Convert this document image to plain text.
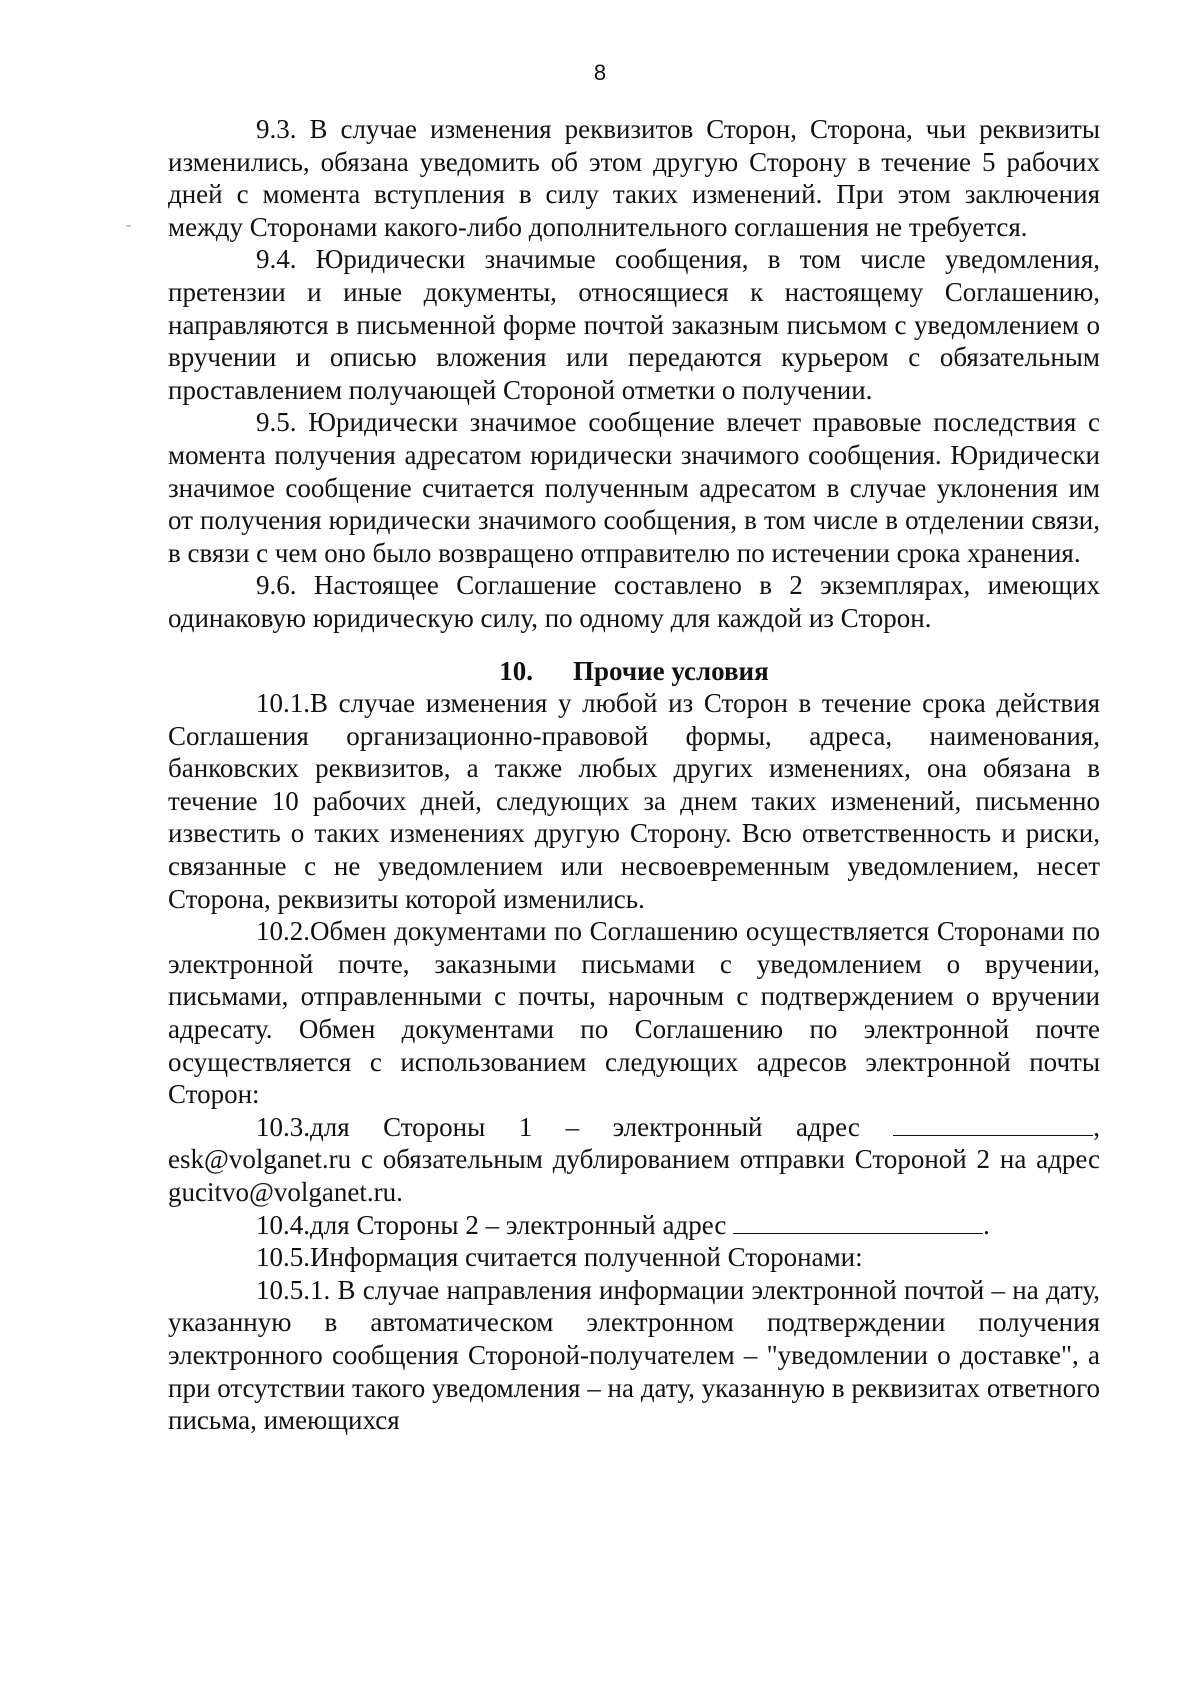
8

9.3. В случае изменения реквизитов Сторон, Сторона, чьи реквизиты изменились, обязана уведомить об этом другую Сторону в течение 5 рабочих дней с момента вступления в силу таких изменений. При этом заключения между Сторонами какого-либо дополнительного соглашения не требуется.

9.4. Юридически значимые сообщения, в том числе уведомления, претензии и иные документы, относящиеся к настоящему Соглашению, направляются в письменной форме почтой заказным письмом с уведомлением о вручении и описью вложения или передаются курьером с обязательным проставлением получающей Стороной отметки о получении.

9.5. Юридически значимое сообщение влечет правовые последствия с момента получения адресатом юридически значимого сообщения. Юридически значимое сообщение считается полученным адресатом в случае уклонения им от получения юридически значимого сообщения, в том числе в отделении связи, в связи с чем оно было возвращено отправителю по истечении срока хранения.

9.6. Настоящее Соглашение составлено в 2 экземплярах, имеющих одинаковую юридическую силу, по одному для каждой из Сторон.

10. Прочие условия

10.1.В случае изменения у любой из Сторон в течение срока действия Соглашения организационно-правовой формы, адреса, наименования, банковских реквизитов, а также любых других изменениях, она обязана в течение 10 рабочих дней, следующих за днем таких изменений, письменно известить о таких изменениях другую Сторону. Всю ответственность и риски, связанные с не уведомлением или несвоевременным уведомлением, несет Сторона, реквизиты которой изменились.

10.2.Обмен документами по Соглашению осуществляется Сторонами по электронной почте, заказными письмами с уведомлением о вручении, письмами, отправленными с почты, нарочным с подтверждением о вручении адресату. Обмен документами по Соглашению по электронной почте осуществляется с использованием следующих адресов электронной почты Сторон:

10.3.для Стороны 1 – электронный адрес	, esk@volganet.ru с обязательным дублированием отправки Стороной 2 на адрес gucitvo@volganet.ru.

10.4.для Стороны 2 – электронный адрес	.

10.5.Информация считается полученной Сторонами:

10.5.1. В случае направления информации электронной почтой – на дату, указанную в автоматическом электронном подтверждении получения электронного сообщения Стороной-получателем – "уведомлении о доставке", а при отсутствии такого уведомления – на дату, указанную в реквизитах ответного письма, имеющихся
